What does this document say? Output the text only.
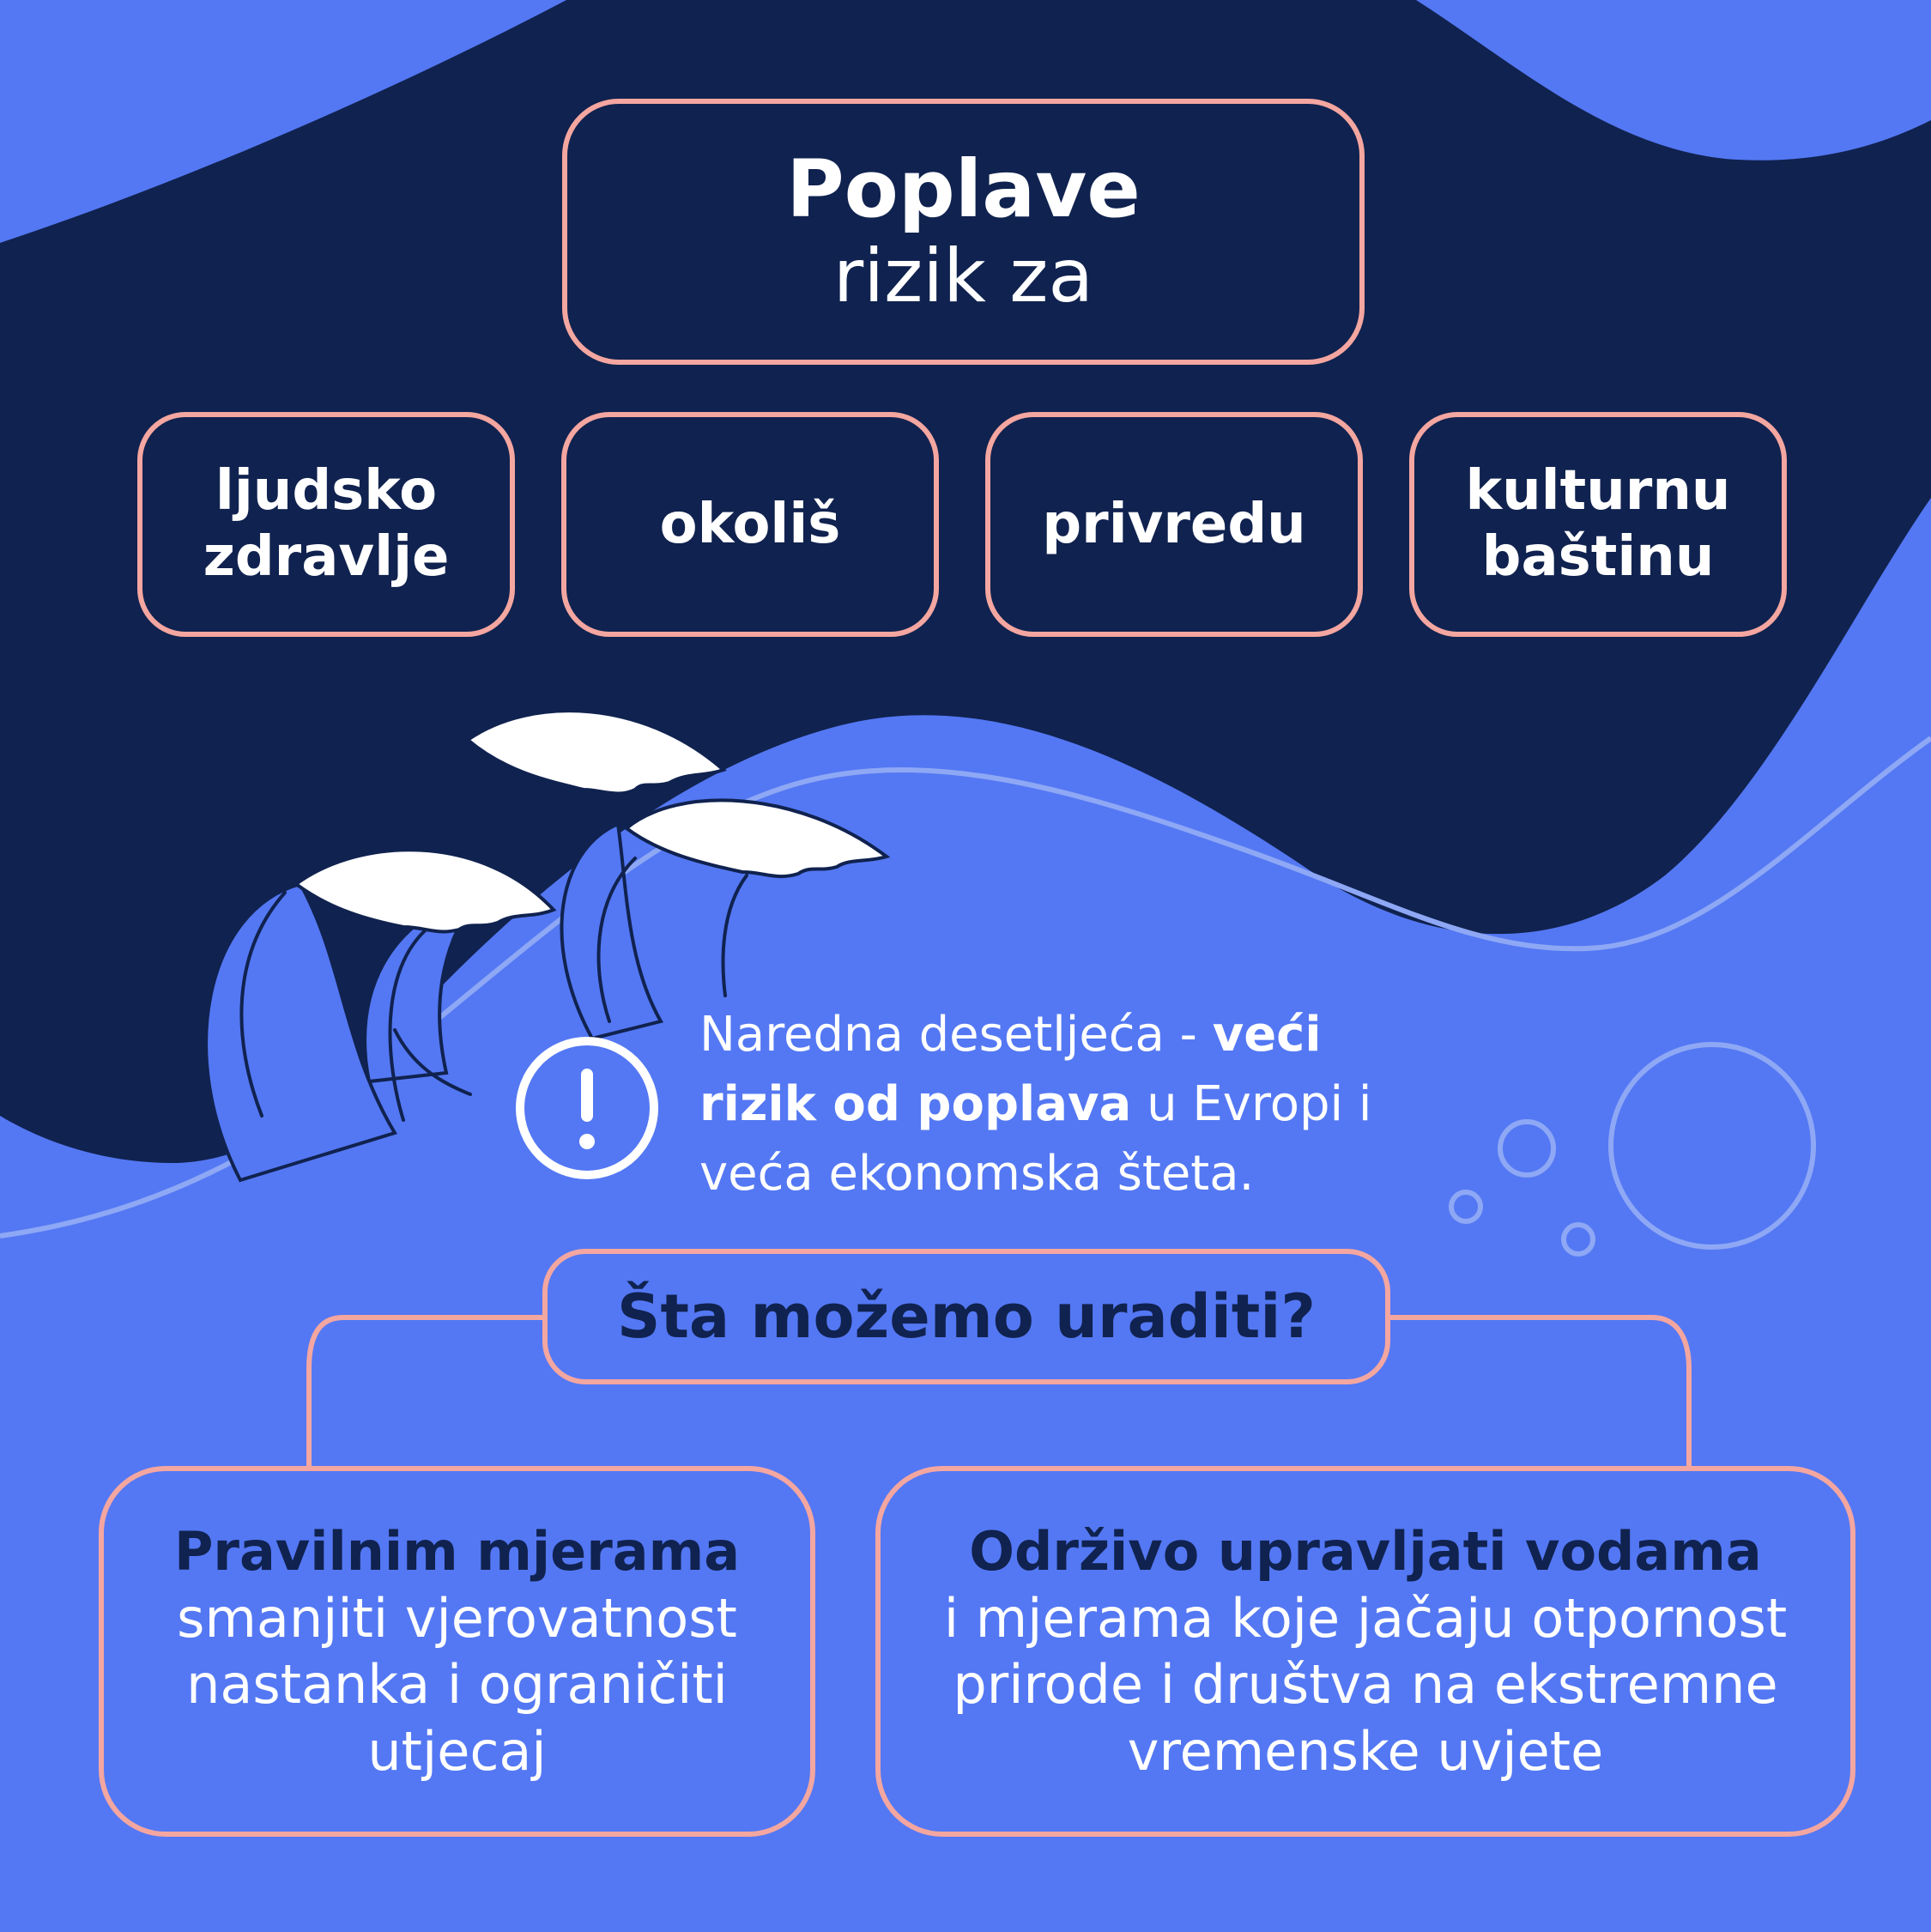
Poplave
rizik za
ljudsko
zdravlje
okoliš	privredu
kulturnu
baštinu
Naredna desetljeća - veći rizik od poplava u Evropi i veća ekonomska šteta.
Šta možemo uraditi?
Pravilnim mjerama
smanjiti vjerovatnost nastanka i ograničiti utjecaj
Održivo upravljati vodama
i mjerama koje jačaju otpornost prirode i društva na ekstremne vremenske uvjete
